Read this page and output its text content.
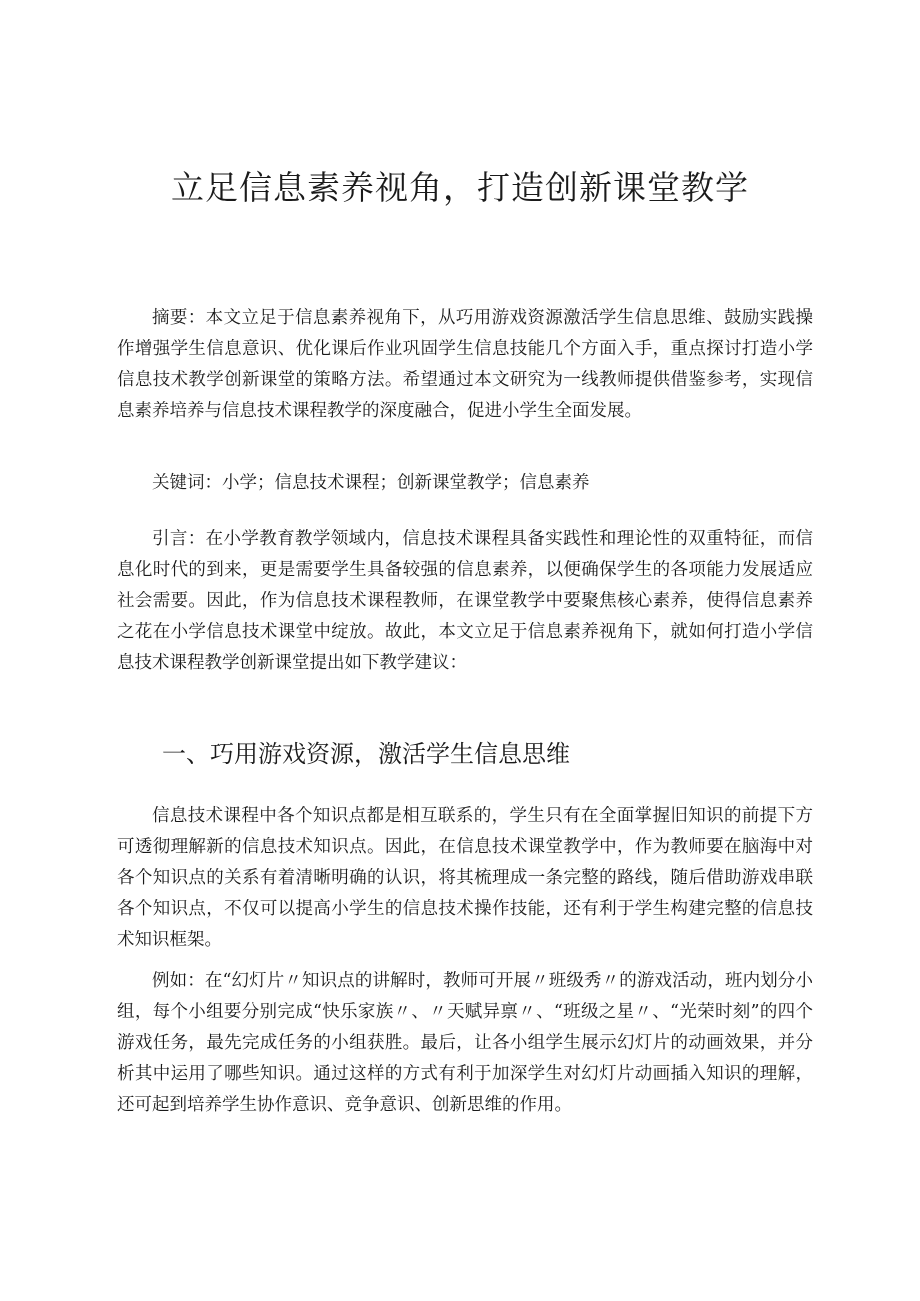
立足信息素养视角，打造创新课堂教学

摘要：本文立足于信息素养视角下，从巧用游戏资源激活学生信息思维、鼓励实践操作增强学生信息意识、优化课后作业巩固学生信息技能几个方面入手，重点探讨打造小学信息技术教学创新课堂的策略方法。希望通过本文研究为一线教师提供借鉴参考，实现信息素养培养与信息技术课程教学的深度融合，促进小学生全面发展。

关键词：小学；信息技术课程；创新课堂教学；信息素养

引言：在小学教育教学领域内，信息技术课程具备实践性和理论性的双重特征，而信息化时代的到来，更是需要学生具备较强的信息素养，以便确保学生的各项能力发展适应社会需要。因此，作为信息技术课程教师，在课堂教学中要聚焦核心素养，使得信息素养之花在小学信息技术课堂中绽放。故此，本文立足于信息素养视角下，就如何打造小学信息技术课程教学创新课堂提出如下教学建议：

一、巧用游戏资源，激活学生信息思维

信息技术课程中各个知识点都是相互联系的，学生只有在全面掌握旧知识的前提下方可透彻理解新的信息技术知识点。因此，在信息技术课堂教学中，作为教师要在脑海中对各个知识点的关系有着清晰明确的认识，将其梳理成一条完整的路线，随后借助游戏串联各个知识点，不仅可以提高小学生的信息技术操作技能，还有利于学生构建完整的信息技术知识框架。

例如：在“幻灯片〃知识点的讲解时，教师可开展〃班级秀〃的游戏活动，班内划分小组，每个小组要分别完成“快乐家族〃、〃天赋异禀〃、“班级之星〃、“光荣时刻”的四个游戏任务，最先完成任务的小组获胜。最后，让各小组学生展示幻灯片的动画效果，并分析其中运用了哪些知识。通过这样的方式有利于加深学生对幻灯片动画插入知识的理解，还可起到培养学生协作意识、竞争意识、创新思维的作用。
